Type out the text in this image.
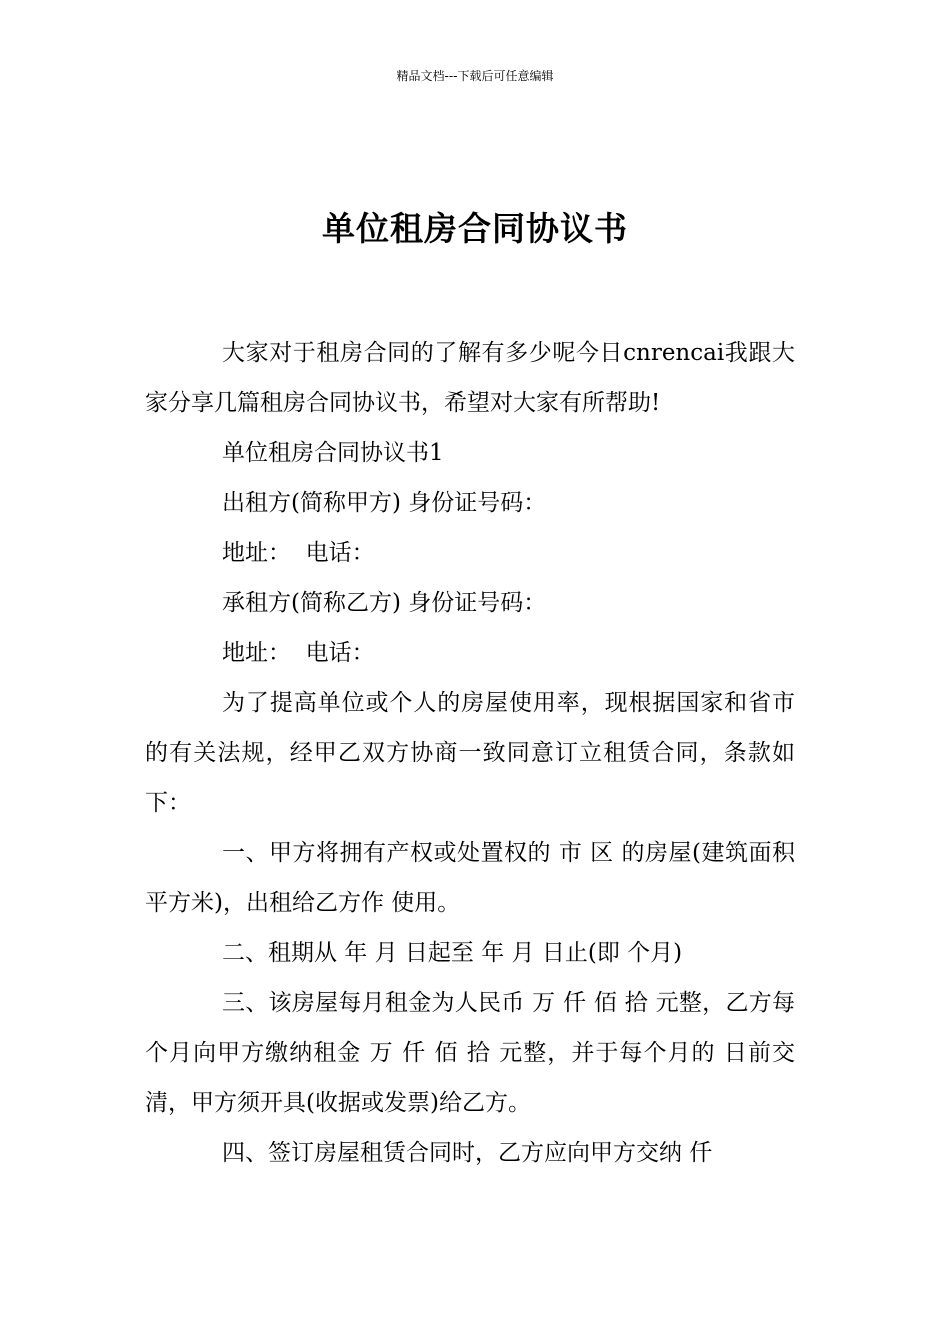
精品文档---下载后可任意编辑
单位租房合同协议书

大家对于租房合同的了解有多少呢今日cnrencai我跟大家分享几篇租房合同协议书，希望对大家有所帮助!

单位租房合同协议书1

出租方(简称甲方) 身份证号码：

地址：  电话：

承租方(简称乙方) 身份证号码：

地址：  电话：

为了提高单位或个人的房屋使用率，现根据国家和省市的有关法规，经甲乙双方协商一致同意订立租赁合同，条款如下：

一、甲方将拥有产权或处置权的 市 区 的房屋(建筑面积 平方米)，出租给乙方作 使用。

二、租期从 年 月 日起至 年 月 日止(即 个月)

三、该房屋每月租金为人民币 万 仟 佰 拾 元整，乙方每 个月向甲方缴纳租金 万 仟 佰 拾 元整，并于每个月的 日前交清，甲方须开具(收据或发票)给乙方。

四、签订房屋租赁合同时，乙方应向甲方交纳 仟
